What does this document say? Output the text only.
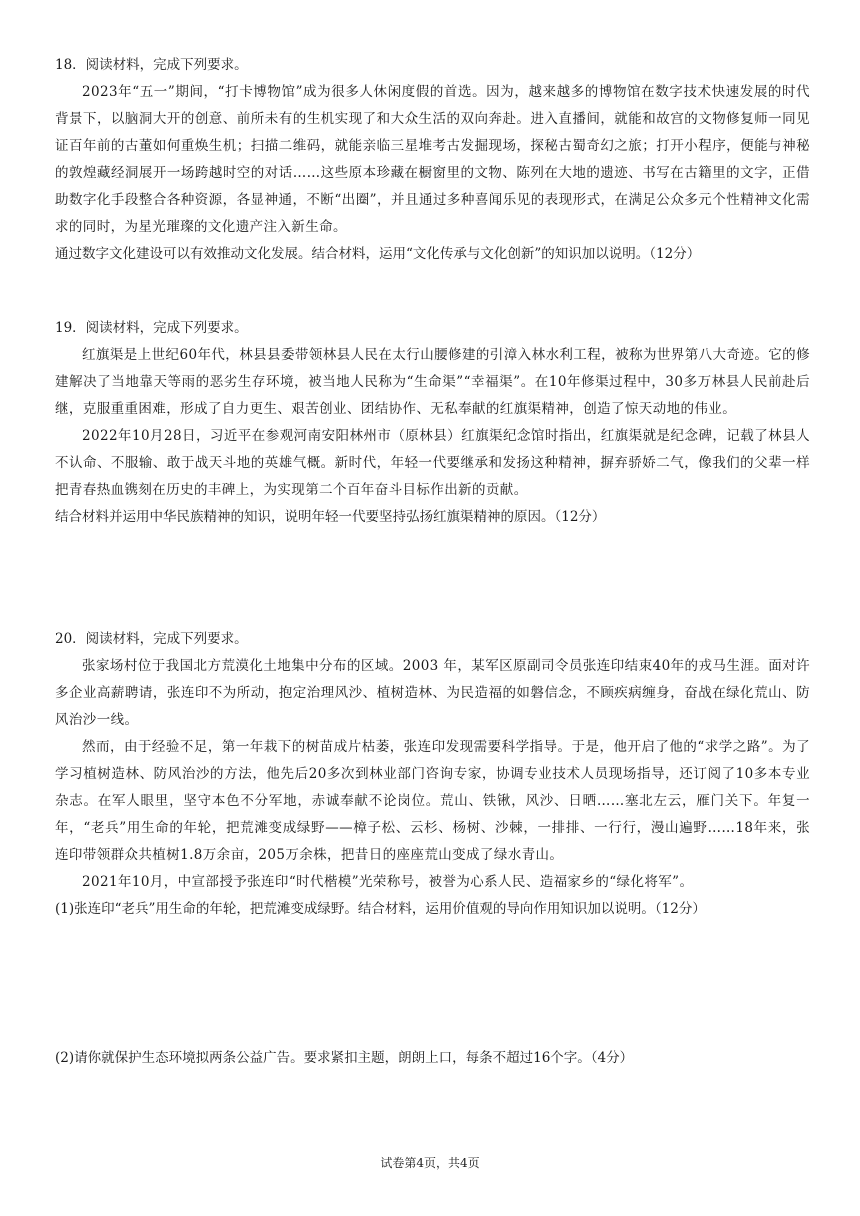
18．阅读材料，完成下列要求。

2023年“五一”期间，“打卡博物馆”成为很多人休闲度假的首选。因为，越来越多的博物馆在数字技术快速发展的时代背景下，以脑洞大开的创意、前所未有的生机实现了和大众生活的双向奔赴。进入直播间，就能和故宫的文物修复师一同见证百年前的古董如何重焕生机；扫描二维码，就能亲临三星堆考古发掘现场，探秘古蜀奇幻之旅；打开小程序，便能与神秘的敦煌藏经洞展开一场跨越时空的对话……这些原本珍藏在橱窗里的文物、陈列在大地的遗迹、书写在古籍里的文字，正借助数字化手段整合各种资源，各显神通，不断“出圈”，并且通过多种喜闻乐见的表现形式，在满足公众多元个性精神文化需求的同时，为星光璀璨的文化遗产注入新生命。

通过数字文化建设可以有效推动文化发展。结合材料，运用“文化传承与文化创新”的知识加以说明。（12分）

19．阅读材料，完成下列要求。

红旗渠是上世纪60年代，林县县委带领林县人民在太行山腰修建的引漳入林水利工程，被称为世界第八大奇迹。它的修建解决了当地靠天等雨的恶劣生存环境，被当地人民称为“生命渠”“幸福渠”。在10年修渠过程中，30多万林县人民前赴后继，克服重重困难，形成了自力更生、艰苦创业、团结协作、无私奉献的红旗渠精神，创造了惊天动地的伟业。

2022年10月28日，习近平在参观河南安阳林州市（原林县）红旗渠纪念馆时指出，红旗渠就是纪念碑，记载了林县人不认命、不服输、敢于战天斗地的英雄气概。新时代，年轻一代要继承和发扬这种精神，摒弃骄娇二气，像我们的父辈一样把青春热血镌刻在历史的丰碑上，为实现第二个百年奋斗目标作出新的贡献。

结合材料并运用中华民族精神的知识，说明年轻一代要坚持弘扬红旗渠精神的原因。（12分）

20．阅读材料，完成下列要求。

张家场村位于我国北方荒漠化土地集中分布的区域。2003 年，某军区原副司令员张连印结束40年的戎马生涯。面对许多企业高薪聘请，张连印不为所动，抱定治理风沙、植树造林、为民造福的如磐信念，不顾疾病缠身，奋战在绿化荒山、防风治沙一线。

然而，由于经验不足，第一年栽下的树苗成片枯萎，张连印发现需要科学指导。于是，他开启了他的“求学之路”。为了学习植树造林、防风治沙的方法，他先后20多次到林业部门咨询专家，协调专业技术人员现场指导，还订阅了10多本专业杂志。在军人眼里，坚守本色不分军地，赤诚奉献不论岗位。荒山、铁锹，风沙、日晒……塞北左云，雁门关下。年复一年，“老兵”用生命的年轮，把荒滩变成绿野——樟子松、云杉、杨树、沙棘，一排排、一行行，漫山遍野……18年来，张连印带领群众共植树1.8万余亩，205万余株，把昔日的座座荒山变成了绿水青山。

2021年10月，中宣部授予张连印“时代楷模”光荣称号，被誉为心系人民、造福家乡的“绿化将军”。

(1)张连印“老兵”用生命的年轮，把荒滩变成绿野。结合材料，运用价值观的导向作用知识加以说明。（12分）

(2)请你就保护生态环境拟两条公益广告。要求紧扣主题，朗朗上口，每条不超过16个字。（4分）

试卷第4页，共4页
